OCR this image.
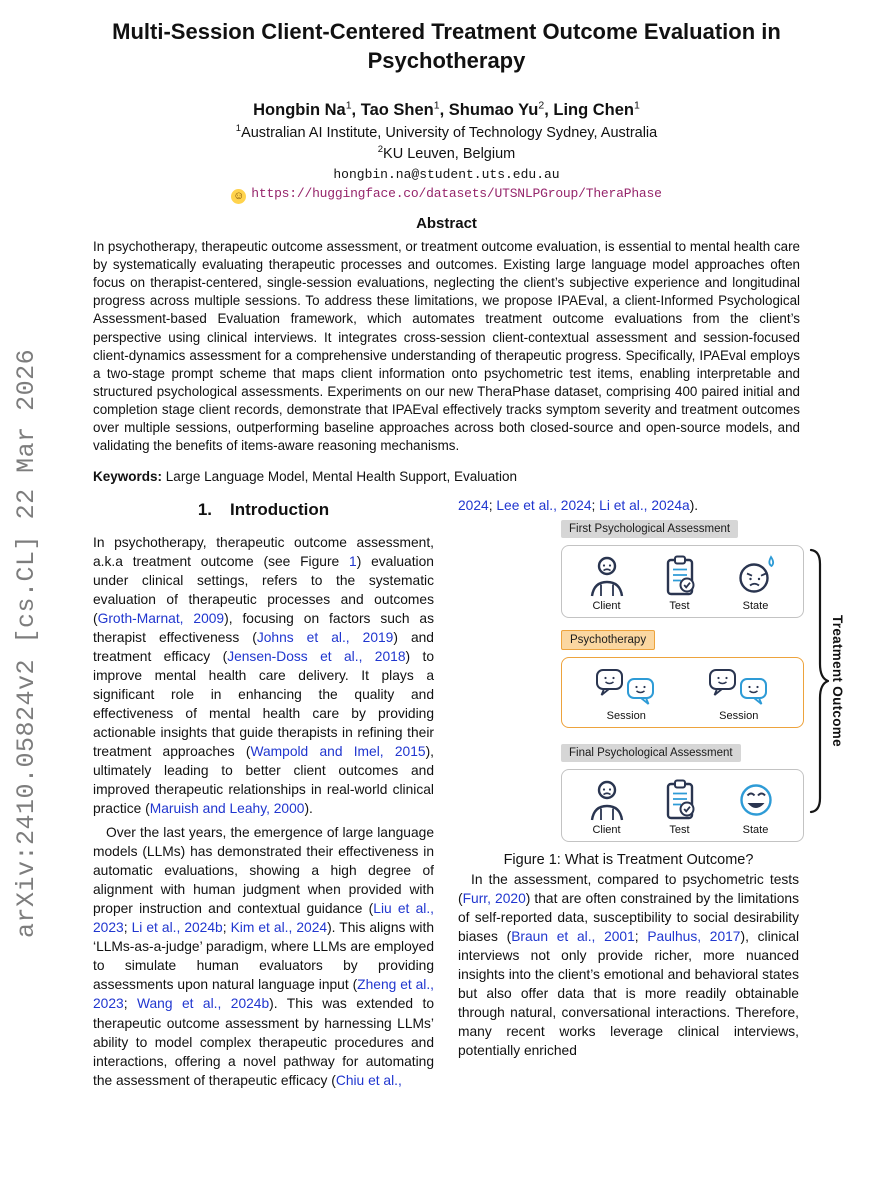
arXiv:2410.05824v2 [cs.CL] 22 Mar 2026
Multi-Session Client-Centered Treatment Outcome Evaluation in Psychotherapy
Hongbin Na$^1$, Tao Shen$^1$, Shumao Yu$^2$, Ling Chen$^1$
$^1$Australian AI Institute, University of Technology Sydney, Australia
$^2$KU Leuven, Belgium
hongbin.na@student.uts.edu.au
☺ https://huggingface.co/datasets/UTSNLPGroup/TheraPhase
Abstract

In psychotherapy, therapeutic outcome assessment, or treatment outcome evaluation, is essential to mental health care by systematically evaluating therapeutic processes and outcomes. Existing large language model approaches often focus on therapist-centered, single-session evaluations, neglecting the client’s subjective experience and longitudinal progress across multiple sessions. To address these limitations, we propose IPAEval, a client-Informed Psychological Assessment-based Evaluation framework, which automates treatment outcome evaluations from the client’s perspective using clinical interviews. It integrates cross-session client-contextual assessment and session-focused client-dynamics assessment for a comprehensive understanding of therapeutic progress. Specifically, IPAEval employs a two-stage prompt scheme that maps client information onto psychometric test items, enabling interpretable and structured psychological assessments. Experiments on our new TheraPhase dataset, comprising 400 paired initial and completion stage client records, demonstrate that IPAEval effectively tracks symptom severity and treatment outcomes over multiple sessions, outperforming baseline approaches across both closed-source and open-source models, and validating the benefits of items-aware reasoning mechanisms.

Keywords: Large Language Model, Mental Health Support, Evaluation
1. Introduction

In psychotherapy, therapeutic outcome assessment, a.k.a treatment outcome (see Figure 1) evaluation under clinical settings, refers to the systematic evaluation of therapeutic processes and outcomes (Groth-Marnat, 2009), focusing on factors such as therapist effectiveness (Johns et al., 2019) and treatment efficacy (Jensen-Doss et al., 2018) to improve mental health care delivery. It plays a significant role in enhancing the quality and effectiveness of mental health care by providing actionable insights that guide therapists in refining their treatment approaches (Wampold and Imel, 2015), ultimately leading to better client outcomes and improved therapeutic relationships in real-world clinical practice (Maruish and Leahy, 2000).

Over the last years, the emergence of large language models (LLMs) has demonstrated their effectiveness in automatic evaluations, showing a high degree of alignment with human judgment when provided with proper instruction and contextual guidance (Liu et al., 2023; Li et al., 2024b; Kim et al., 2024). This aligns with ‘LLMs-as-a-judge’ paradigm, where LLMs are employed to simulate human evaluators by providing assessments upon natural language input (Zheng et al., 2023; Wang et al., 2024b). This was extended to therapeutic outcome assessment by harnessing LLMs’ ability to model complex therapeutic procedures and interactions, offering a novel pathway for automating the assessment of therapeutic efficacy (Chiu et al.,

2024; Lee et al., 2024; Li et al., 2024a).

First Psychological Assessment
Client	Test	State
Psychotherapy
Session	Session
Final Psychological Assessment
Client	Test	State
Treatment Outcome
Figure 1: What is Treatment Outcome?

In the assessment, compared to psychometric tests (Furr, 2020) that are often constrained by the limitations of self-reported data, susceptibility to social desirability biases (Braun et al., 2001; Paulhus, 2017), clinical interviews not only provide richer, more nuanced insights into the client’s emotional and behavioral states but also offer data that is more readily obtainable through natural, conversational interactions. Therefore, many recent works leverage clinical interviews, potentially enriched
